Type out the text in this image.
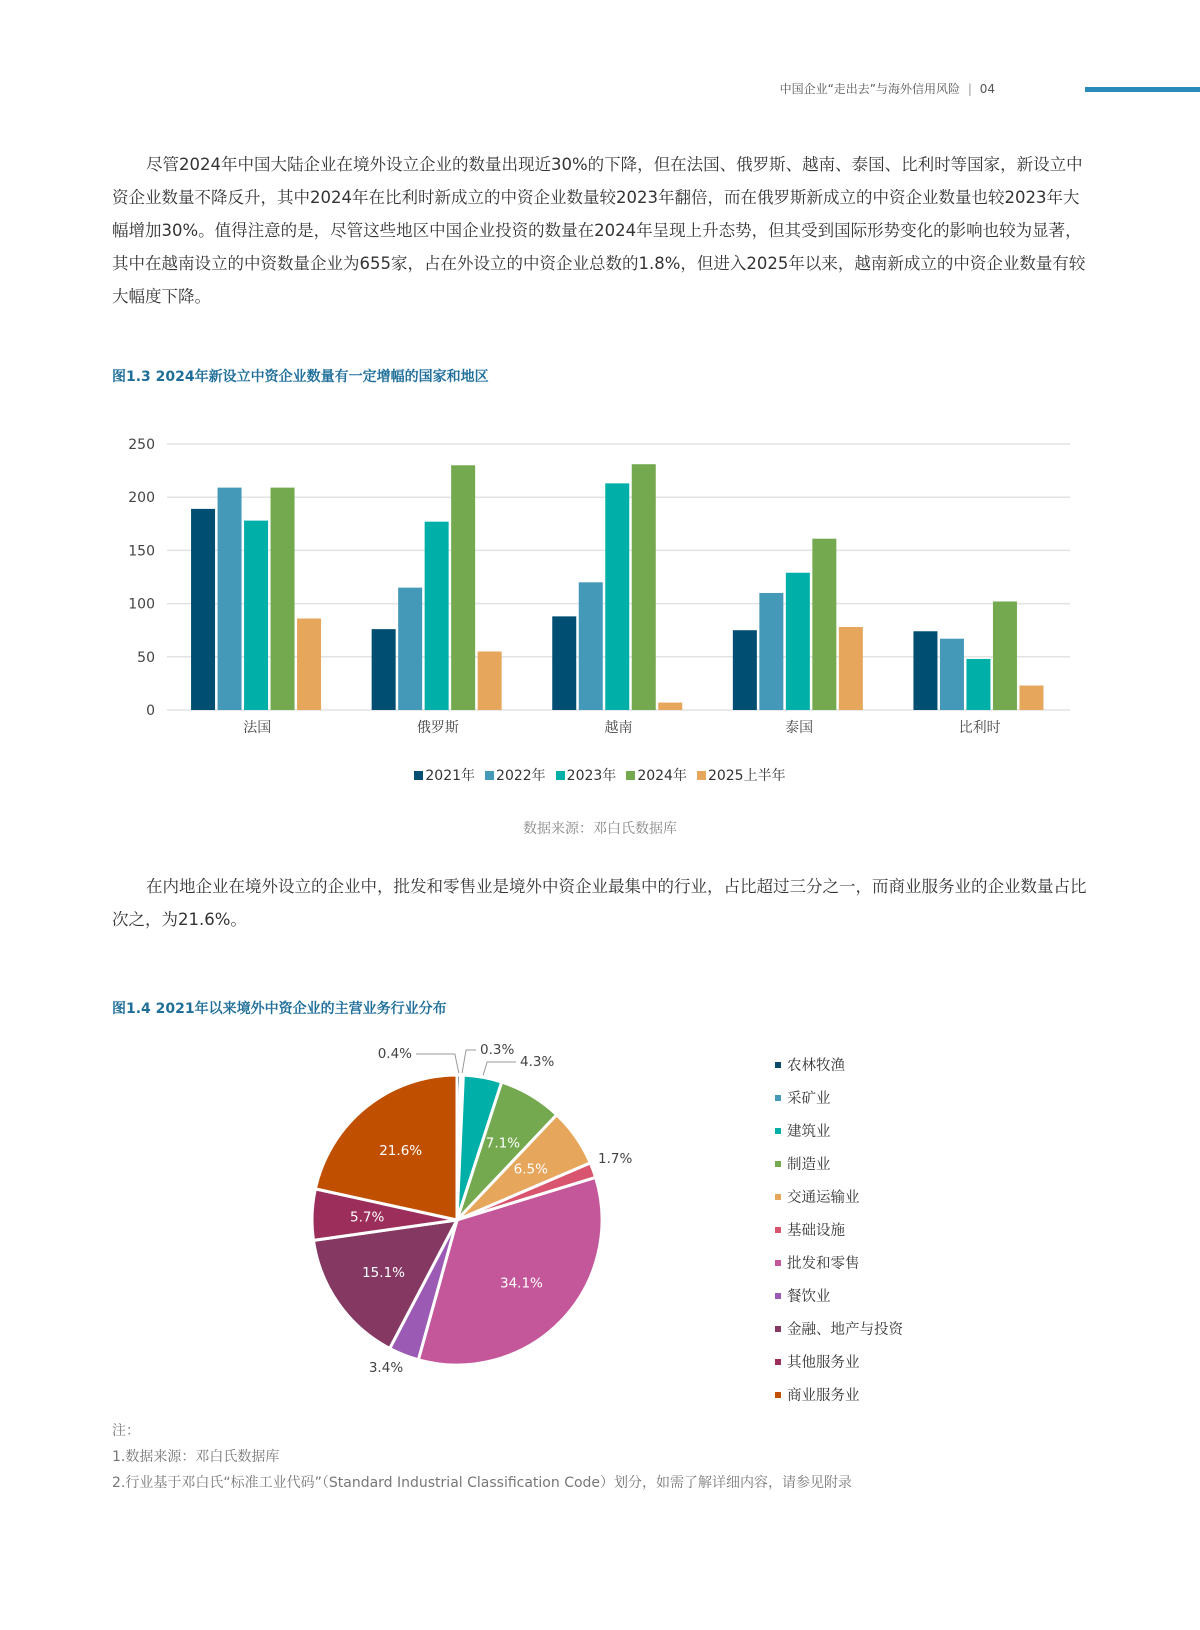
中国企业“走出去”与海外信用风险 | 04

尽管2024年中国大陆企业在境外设立企业的数量出现近30%的下降，但在法国、俄罗斯、越南、泰国、比利时等国家，新设立中资企业数量不降反升，其中2024年在比利时新成立的中资企业数量较2023年翻倍，而在俄罗斯新成立的中资企业数量也较2023年大幅增加30%。值得注意的是，尽管这些地区中国企业投资的数量在2024年呈现上升态势，但其受到国际形势变化的影响也较为显著，其中在越南设立的中资数量企业为655家，占在外设立的中资企业总数的1.8%，但进入2025年以来，越南新成立的中资企业数量有较大幅度下降。

图1.3 2024年新设立中资企业数量有一定增幅的国家和地区
0
50
100
150
200
250
法国	俄罗斯	越南	泰国	比利时
2021年 2022年 2023年 2024年 2025上半年
数据来源：邓白氏数据库

在内地企业在境外设立的企业中，批发和零售业是境外中资企业最集中的行业，占比超过三分之一，而商业服务业的企业数量占比次之，为21.6%。

图1.4 2021年以来境外中资企业的主营业务行业分布
0.4%	0.3%
4.3%
7.1%
6.5%
1.7%
34.1%
3.4%
15.1%
5.7%
21.6%
农林牧渔
采矿业
建筑业
制造业
交通运输业
基础设施
批发和零售
餐饮业
金融、地产与投资
其他服务业
商业服务业
注：
1.数据来源：邓白氏数据库
2.行业基于邓白氏“标准工业代码”（Standard Industrial Classification Code）划分，如需了解详细内容，请参见附录
